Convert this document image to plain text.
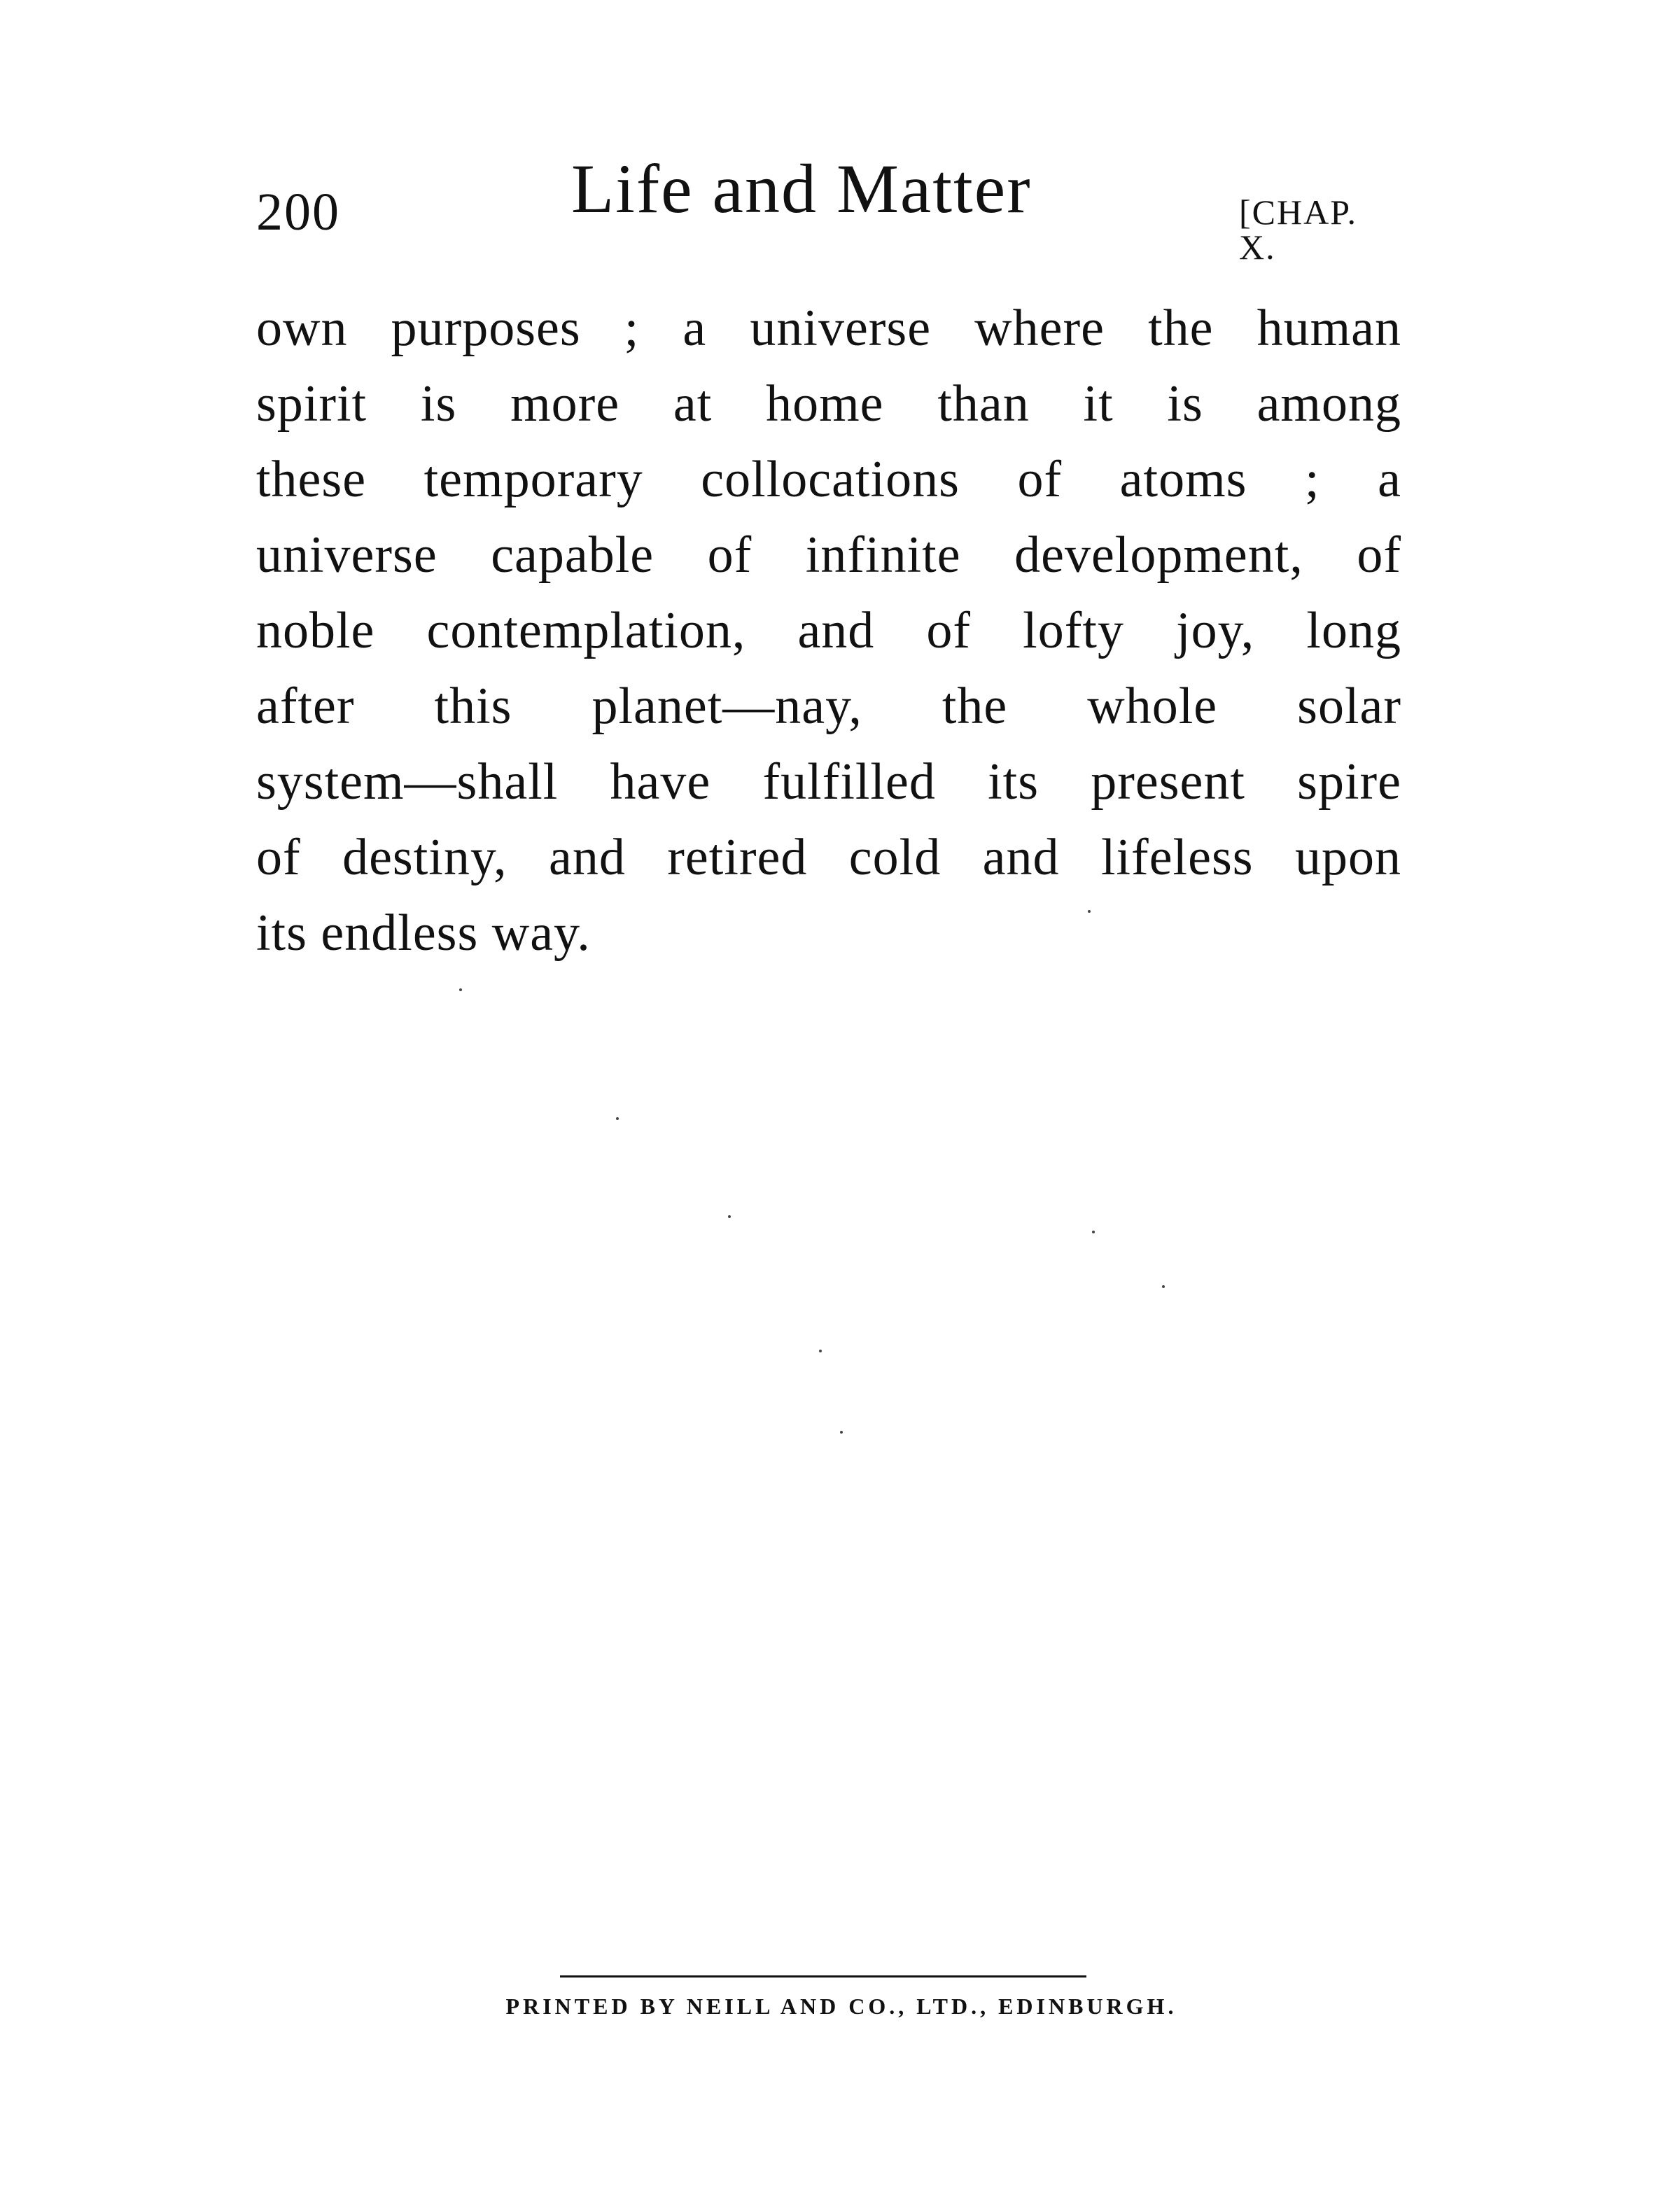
200	Life and Matter	[CHAP. X.
own purposes ; a universe where the human
spirit is more at home than it is among
these temporary collocations of atoms ; a
universe capable of infinite development, of
noble contemplation, and of lofty joy, long
after this planet—nay, the whole solar
system—shall have fulfilled its present spire
of destiny, and retired cold and lifeless upon
its endless way.
PRINTED BY NEILL AND CO., LTD., EDINBURGH.
